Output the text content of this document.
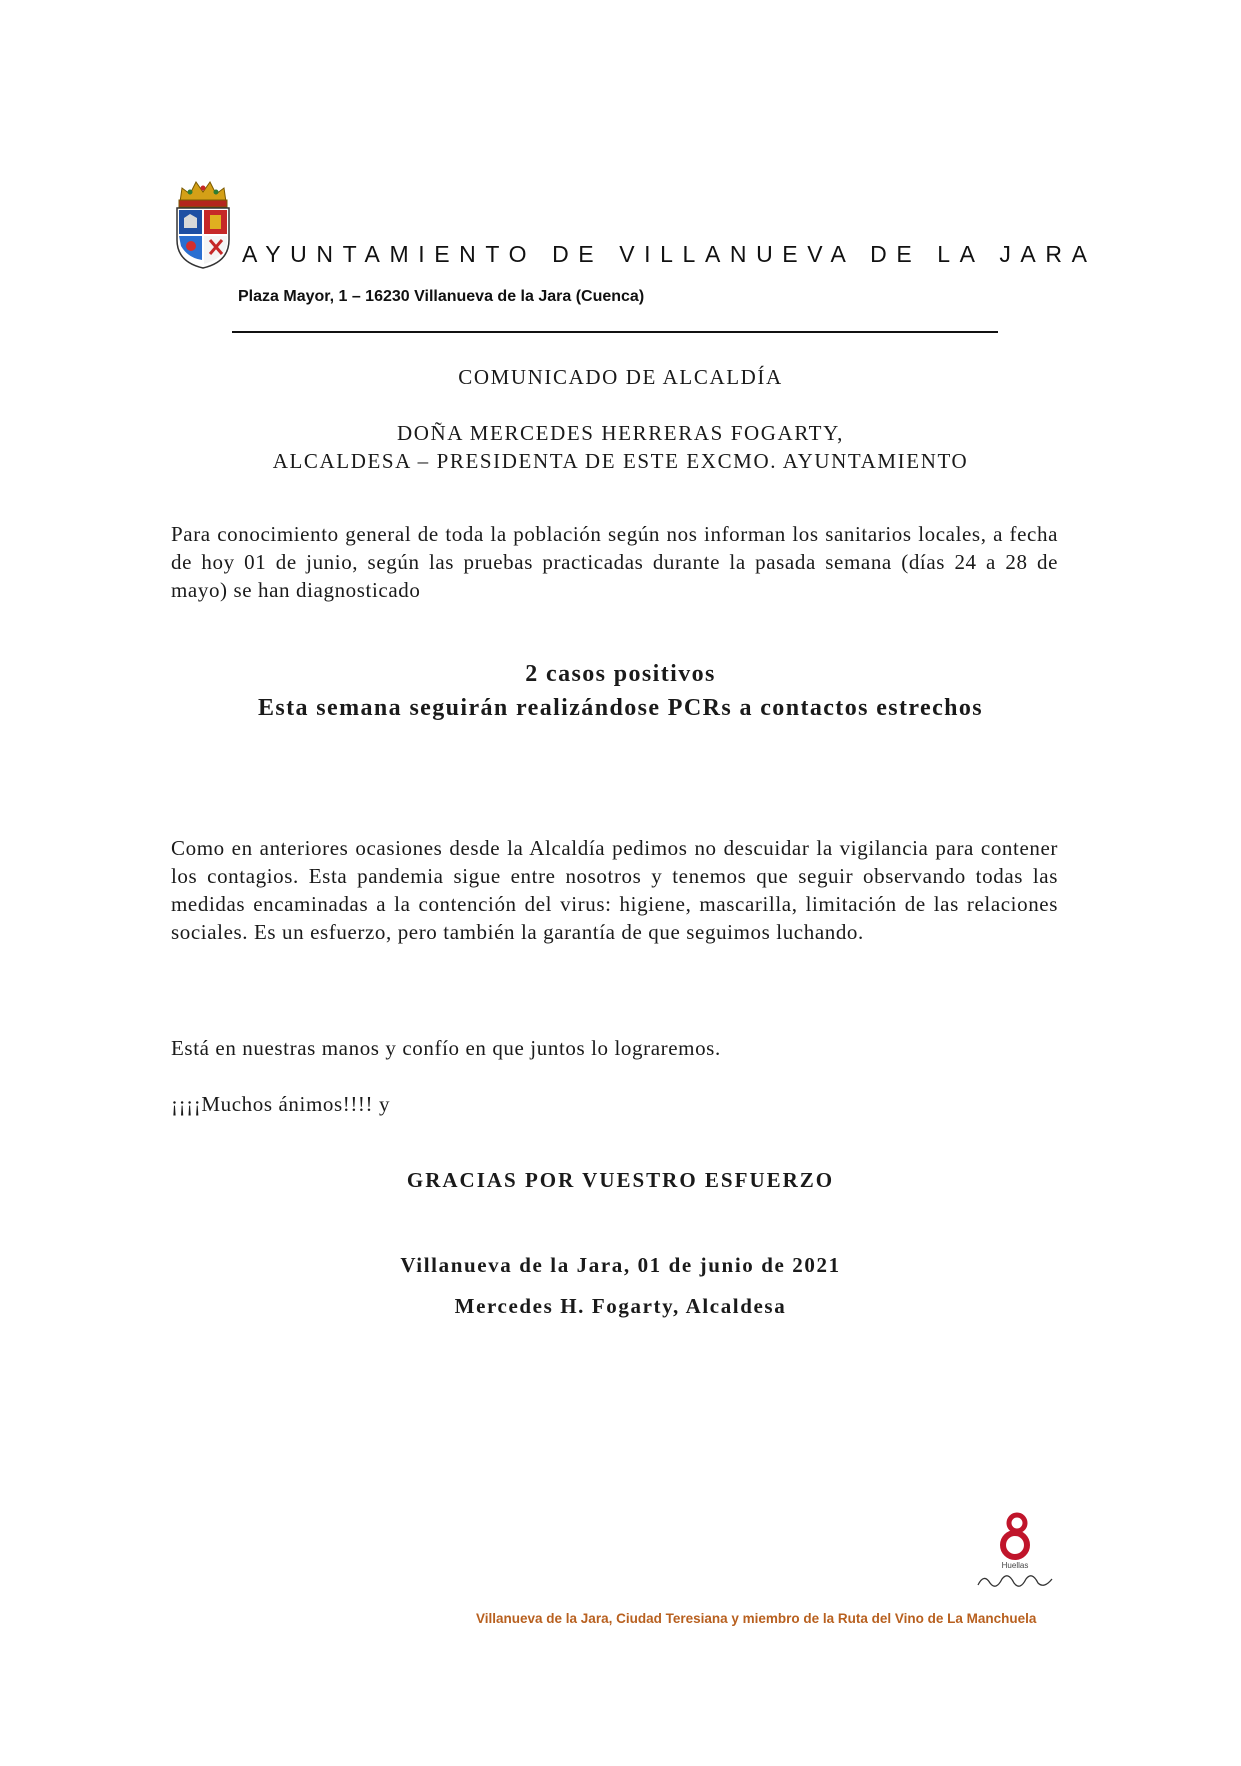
AYUNTAMIENTO DE VILLANUEVA DE LA JARA

Plaza Mayor, 1 – 16230 Villanueva de la Jara (Cuenca)

COMUNICADO DE ALCALDÍA

DOÑA MERCEDES HERRERAS FOGARTY,

ALCALDESA – PRESIDENTA DE ESTE EXCMO. AYUNTAMIENTO

Para conocimiento general de toda la población según nos informan los sanitarios locales, a fecha de hoy 01 de junio, según las pruebas practicadas durante la pasada semana (días 24 a 28 de mayo) se han diagnosticado

2 casos positivos

Esta semana seguirán realizándose PCRs a contactos estrechos

Como en anteriores ocasiones desde la Alcaldía pedimos no descuidar la vigilancia para contener los contagios. Esta pandemia sigue entre nosotros y tenemos que seguir observando todas las medidas encaminadas a la contención del virus: higiene, mascarilla, limitación de las relaciones sociales. Es un esfuerzo, pero también la garantía de que seguimos luchando.

Está en nuestras manos y confío en que juntos lo lograremos.

¡¡¡¡Muchos ánimos!!!! y

GRACIAS POR VUESTRO ESFUERZO

Villanueva de la Jara, 01 de junio de 2021

Mercedes H. Fogarty, Alcaldesa

Huellas

Villanueva de la Jara, Ciudad Teresiana y miembro de la Ruta del Vino de La Manchuela
